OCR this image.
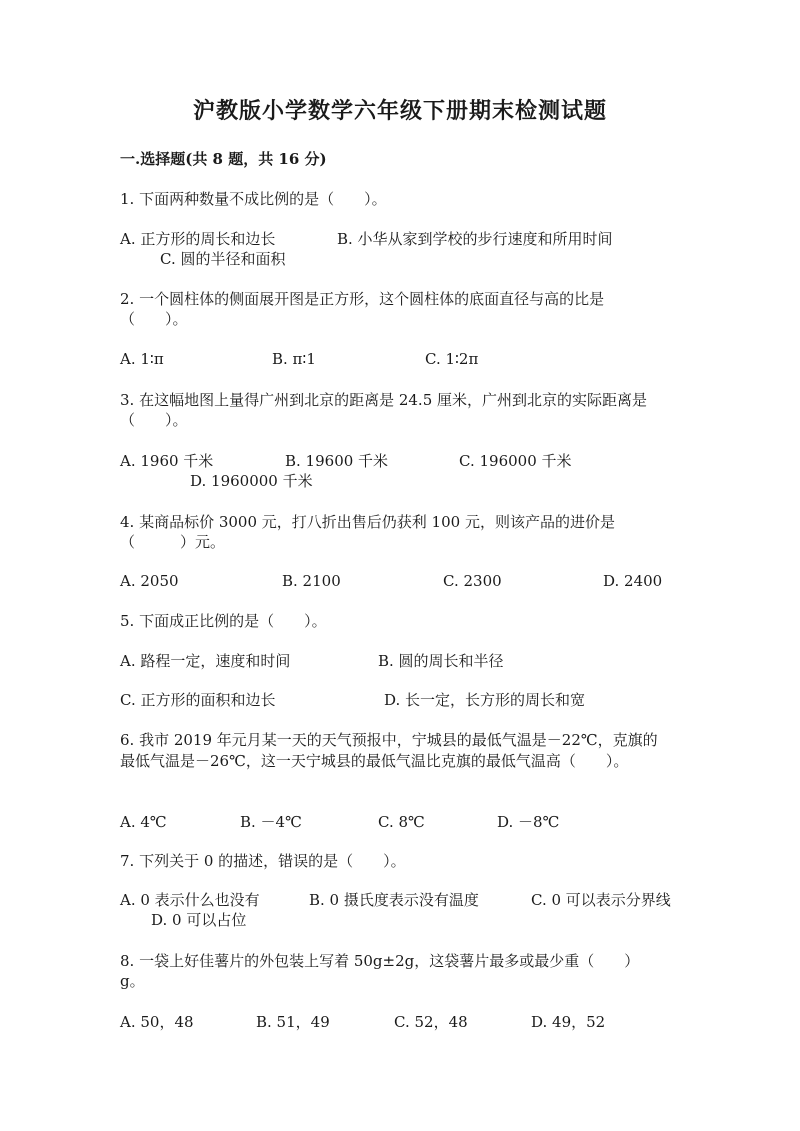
沪教版小学数学六年级下册期末检测试题
一.选择题(共 8 题，共 16 分)
1. 下面两种数量不成比例的是（　　）。
A. 正方形的周长和边长	B. 小华从家到学校的步行速度和所用时间
C. 圆的半径和面积
2. 一个圆柱体的侧面展开图是正方形，这个圆柱体的底面直径与高的比是
（　　）。
A. 1∶π	B. π∶1	C. 1∶2π
3. 在这幅地图上量得广州到北京的距离是 24.5 厘米，广州到北京的实际距离是
（　　）。
A. 1960 千米	B. 19600 千米	C. 196000 千米
D. 1960000 千米
4. 某商品标价 3000 元，打八折出售后仍获利 100 元，则该产品的进价是
（　　　）元。
A. 2050	B. 2100	C. 2300	D. 2400
5. 下面成正比例的是（　　）。
A. 路程一定，速度和时间	B. 圆的周长和半径
C. 正方形的面积和边长	D. 长一定，长方形的周长和宽
6. 我市 2019 年元月某一天的天气预报中，宁城县的最低气温是－22℃，克旗的
最低气温是－26℃，这一天宁城县的最低气温比克旗的最低气温高（　　）。
A. 4℃	B. －4℃	C. 8℃	D. －8℃
7. 下列关于 0 的描述，错误的是（　　）。
A. 0 表示什么也没有	B. 0 摄氏度表示没有温度	C. 0 可以表示分界线
D. 0 可以占位
8. 一袋上好佳薯片的外包装上写着 50g±2g，这袋薯片最多或最少重（　　）
g。
A. 50，48	B. 51，49	C. 52，48	D. 49，52
